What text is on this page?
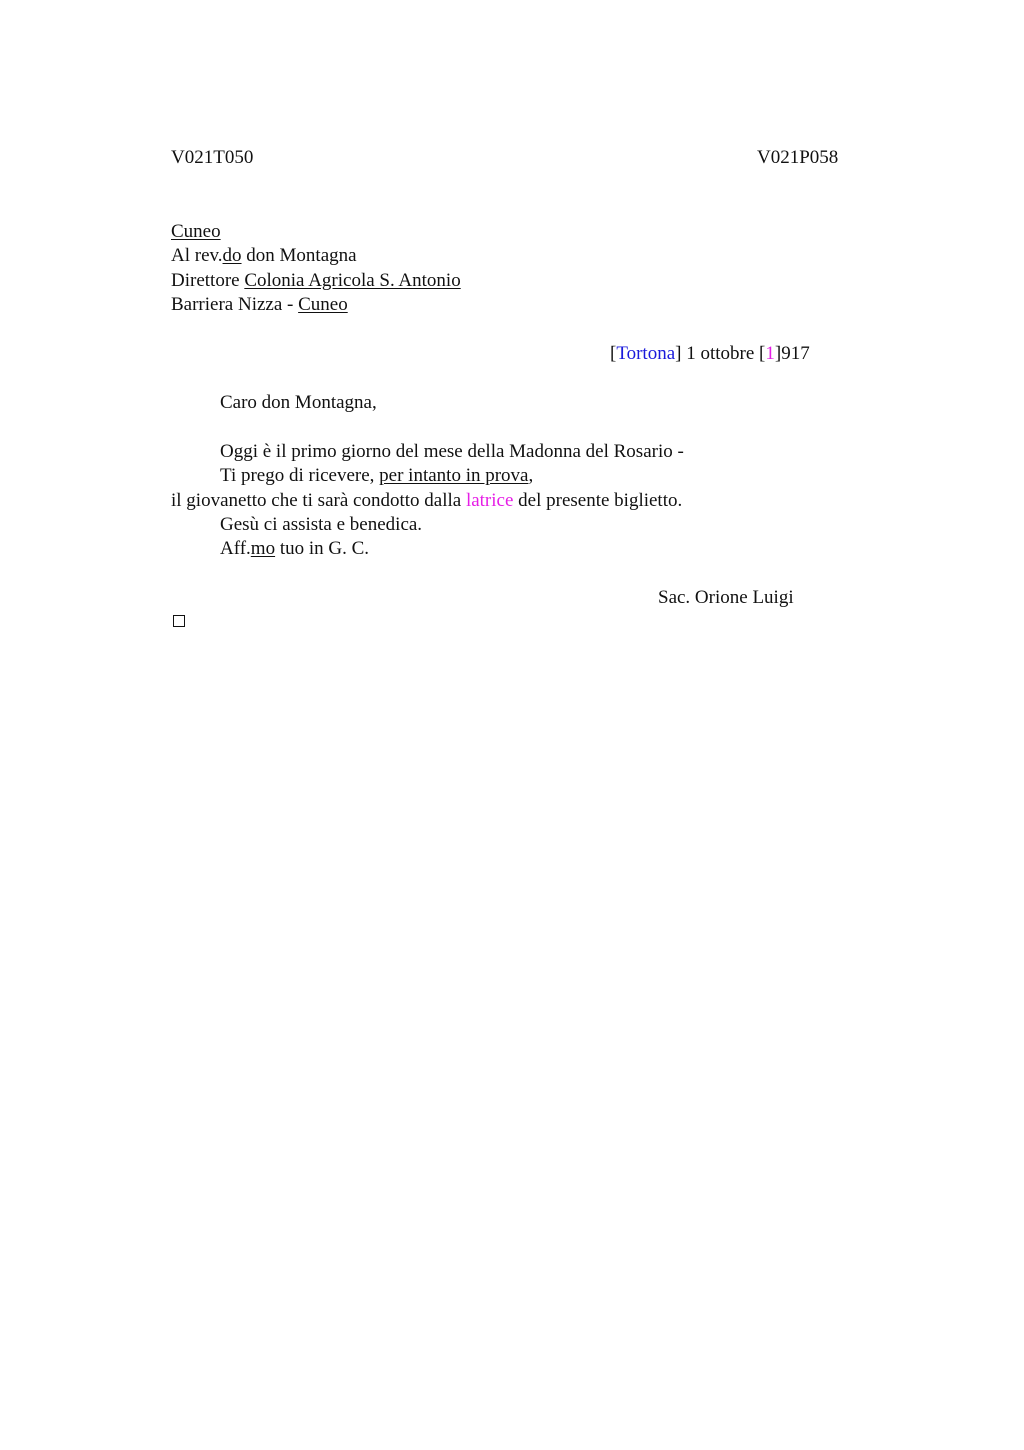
V021T050	V021P058
Cuneo
Al rev.do don Montagna
Direttore Colonia Agricola S. Antonio
Barriera Nizza - Cuneo
[Tortona] 1 ottobre [1]917
Caro don Montagna,
Oggi è il primo giorno del mese della Madonna del Rosario -
Ti prego di ricevere, per intanto in prova,
il giovanetto che ti sarà condotto dalla latrice del presente biglietto.
Gesù ci assista e benedica.
Aff.mo tuo in G. C.
Sac. Orione Luigi
